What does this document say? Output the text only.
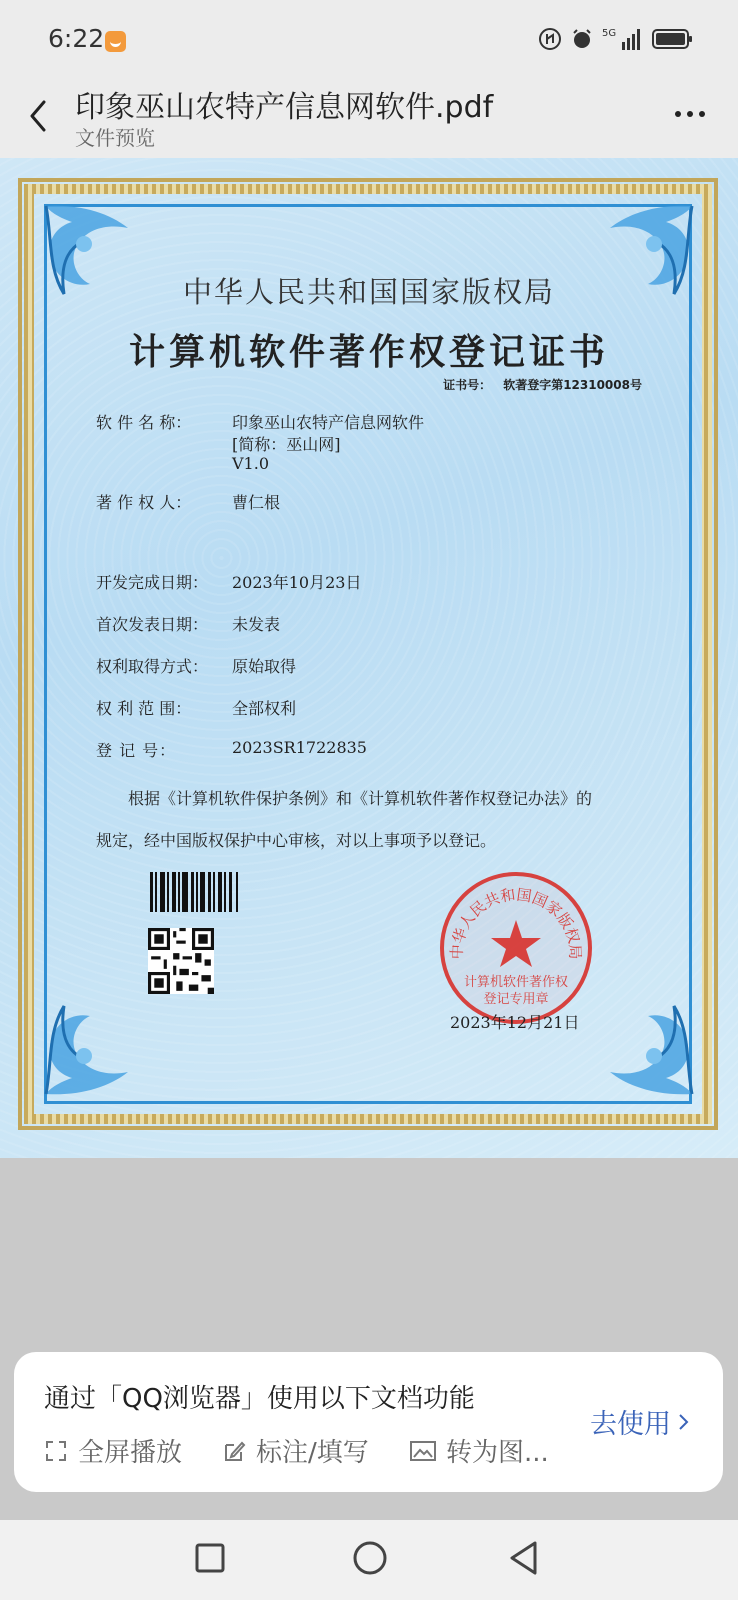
6:22	5G
印象巫山农特产信息网软件.pdf
文件预览
中华人民共和国国家版权局
计算机软件著作权登记证书
证书号： 软著登字第12310008号
软 件 名 称：	印象巫山农特产信息网软件
[简称：巫山网]
V1.0
著 作 权 人：	曹仁根
开发完成日期： 2023年10月23日
首次发表日期： 未发表
权利取得方式： 原始取得
权 利 范 围：	全部权利
登 记 号：	2023SR1722835
根据《计算机软件保护条例》和《计算机软件著作权登记办法》的
规定，经中国版权保护中心审核，对以上事项予以登记。
中华人民共和国国家版权局
计算机软件著作权
登记专用章
2023年12月21日
通过「QQ浏览器」使用以下文档功能
全屏播放	标注/填写	转为图...
去使用
